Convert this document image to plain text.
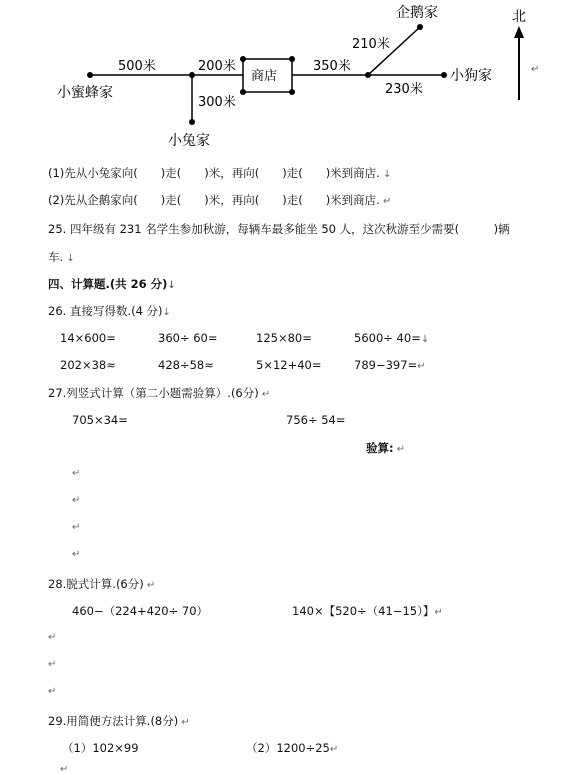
500米	200米
300米
350米
210米
230米
商店
小蜜蜂家
小兔家
企鹅家
小狗家
北
↵
(1)先从小兔家向(　　)走(　　)米，再向(　　)走(　　)米到商店. ↓
(2)先从企鹅家向(　　)走(　　)米，再向(　　)走(　　)米到商店. ↵
25. 四年级有 231 名学生参加秋游，每辆车最多能坐 50 人，这次秋游至少需要(　　　)辆
车. ↓
四、计算题.(共 26 分)↓
26. 直接写得数.(4 分)↓
14×600=	360÷ 60=	125×80=	5600÷ 40=↓
202×38≈	428÷58≈	5×12+40=	789−397=↵
27.列竖式计算（第二小题需验算）.(6分) ↵
705×34=	756÷ 54=
验算: ↵
↵
↵
↵
↵
28.脱式计算.(6分) ↵
460−（224+420÷ 70）	140×【520÷（41−15）】↵
↵
↵
↵
29.用简便方法计算.(8分) ↵
（1）102×99	（2）1200÷25↵
↵
